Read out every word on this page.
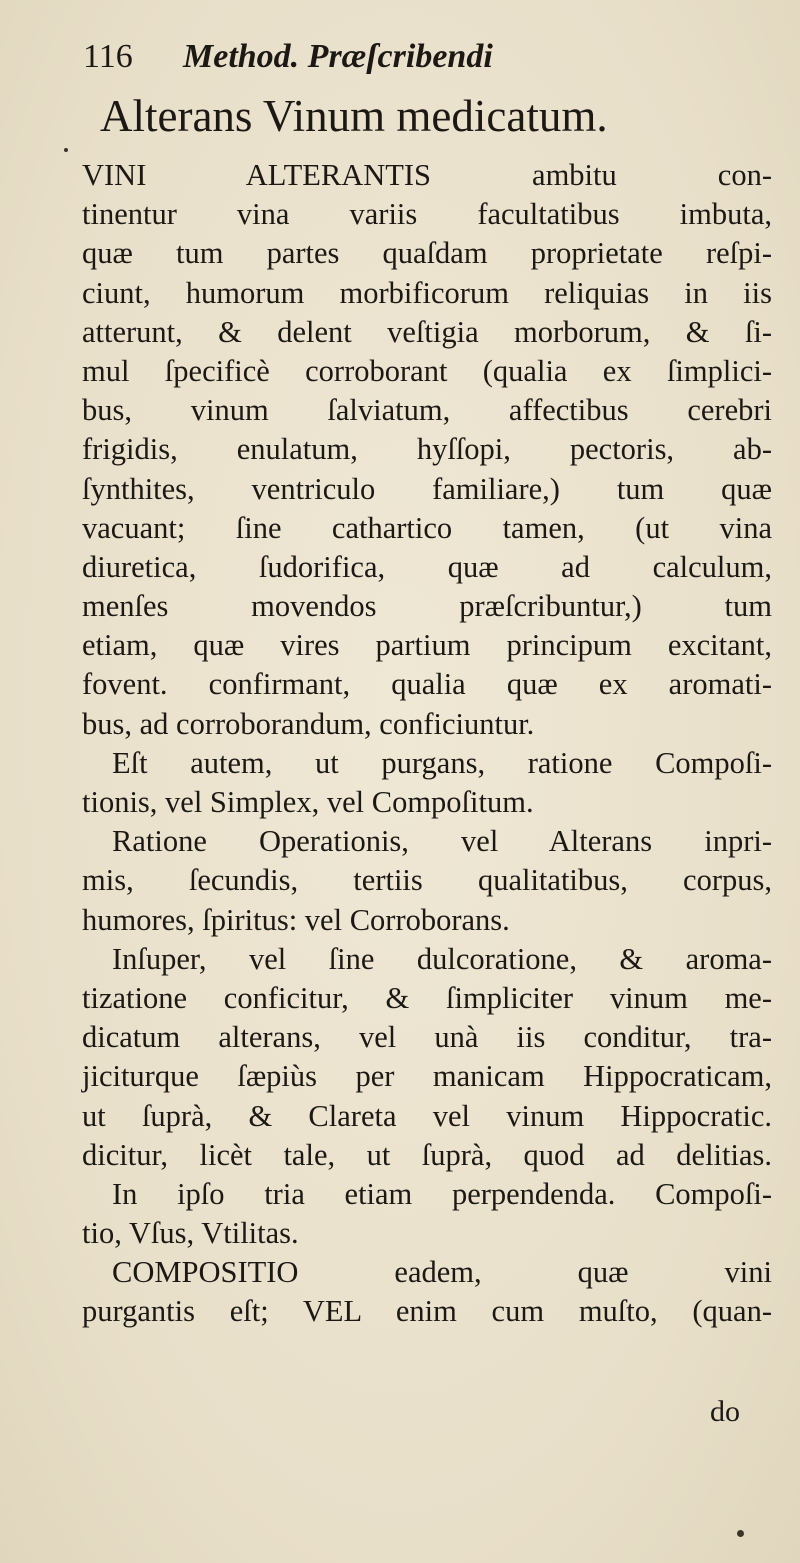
116	Method. Præſcribendi
Alterans Vinum medicatum.
VINI ALTERANTIS ambitu con-
tinentur vina variis facultatibus imbuta,
quæ tum partes quaſdam proprietate reſpi-
ciunt, humorum morbificorum reliquias in iis
atterunt, & delent veſtigia morborum, & ſi-
mul ſpecificè corroborant (qualia ex ſimplici-
bus, vinum ſalviatum, affectibus cerebri
frigidis, enulatum, hyſſopi, pectoris, ab-
ſynthites, ventriculo familiare,) tum quæ
vacuant; ſine cathartico tamen, (ut vina
diuretica, ſudorifica, quæ ad calculum,
menſes movendos præſcribuntur,) tum
etiam, quæ vires partium principum excitant,
fovent. confirmant, qualia quæ ex aromati-
bus, ad corroborandum, conficiuntur.
Eſt autem, ut purgans, ratione Compoſi-
tionis, vel Simplex, vel Compoſitum.
Ratione Operationis, vel Alterans inpri-
mis, ſecundis, tertiis qualitatibus, corpus,
humores, ſpiritus: vel Corroborans.
Inſuper, vel ſine dulcoratione, & aroma-
tizatione conficitur, & ſimpliciter vinum me-
dicatum alterans, vel unà iis conditur, tra-
jiciturque ſæpiùs per manicam Hippocraticam,
ut ſuprà, & Clareta vel vinum Hippocratic.
dicitur, licèt tale, ut ſuprà, quod ad delitias.
In ipſo tria etiam perpendenda. Compoſi-
tio, Vſus, Vtilitas.
COMPOSITIO eadem, quæ vini
purgantis eſt; VEL enim cum muſto, (quan-
do
